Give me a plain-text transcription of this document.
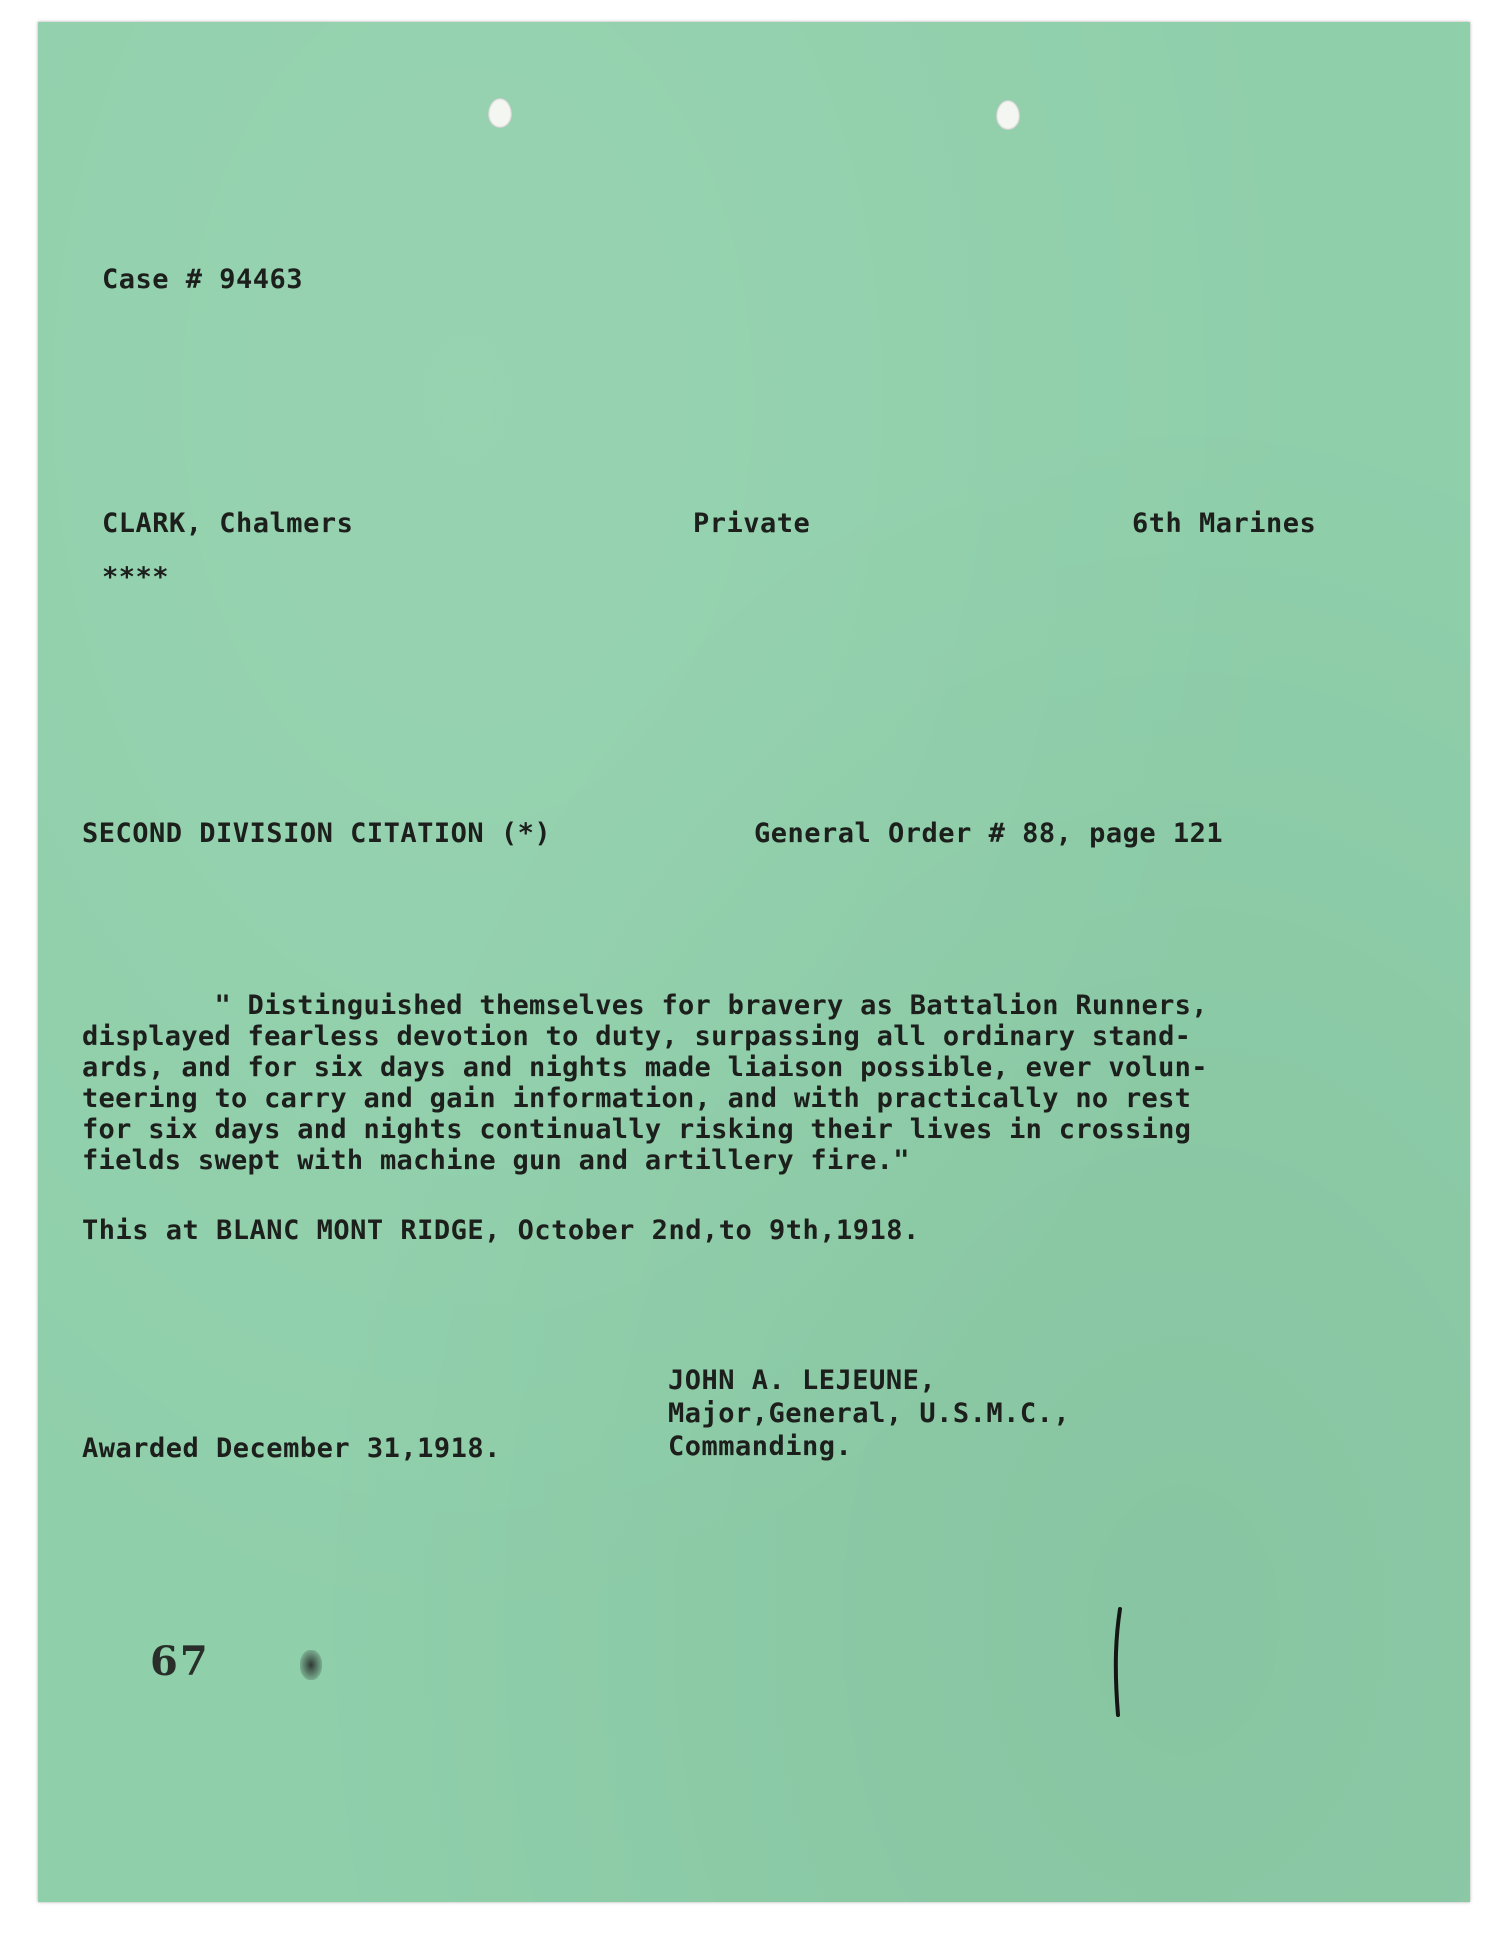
Case # 94463
CLARK, Chalmers	Private	6th Marines
****
SECOND DIVISION CITATION (*)	General Order # 88, page 121
" Distinguished themselves for bravery as Battalion Runners,
displayed fearless devotion to duty, surpassing all ordinary stand-
ards, and for six days and nights made liaison possible, ever volun-
teering to carry and gain information, and with practically no rest
for six days and nights continually risking their lives in crossing
fields swept with machine gun and artillery fire."
This at BLANC MONT RIDGE, October 2nd,to 9th,1918.
JOHN A. LEJEUNE,
Major,General, U.S.M.C.,
Commanding.
Awarded December 31,1918.
67
